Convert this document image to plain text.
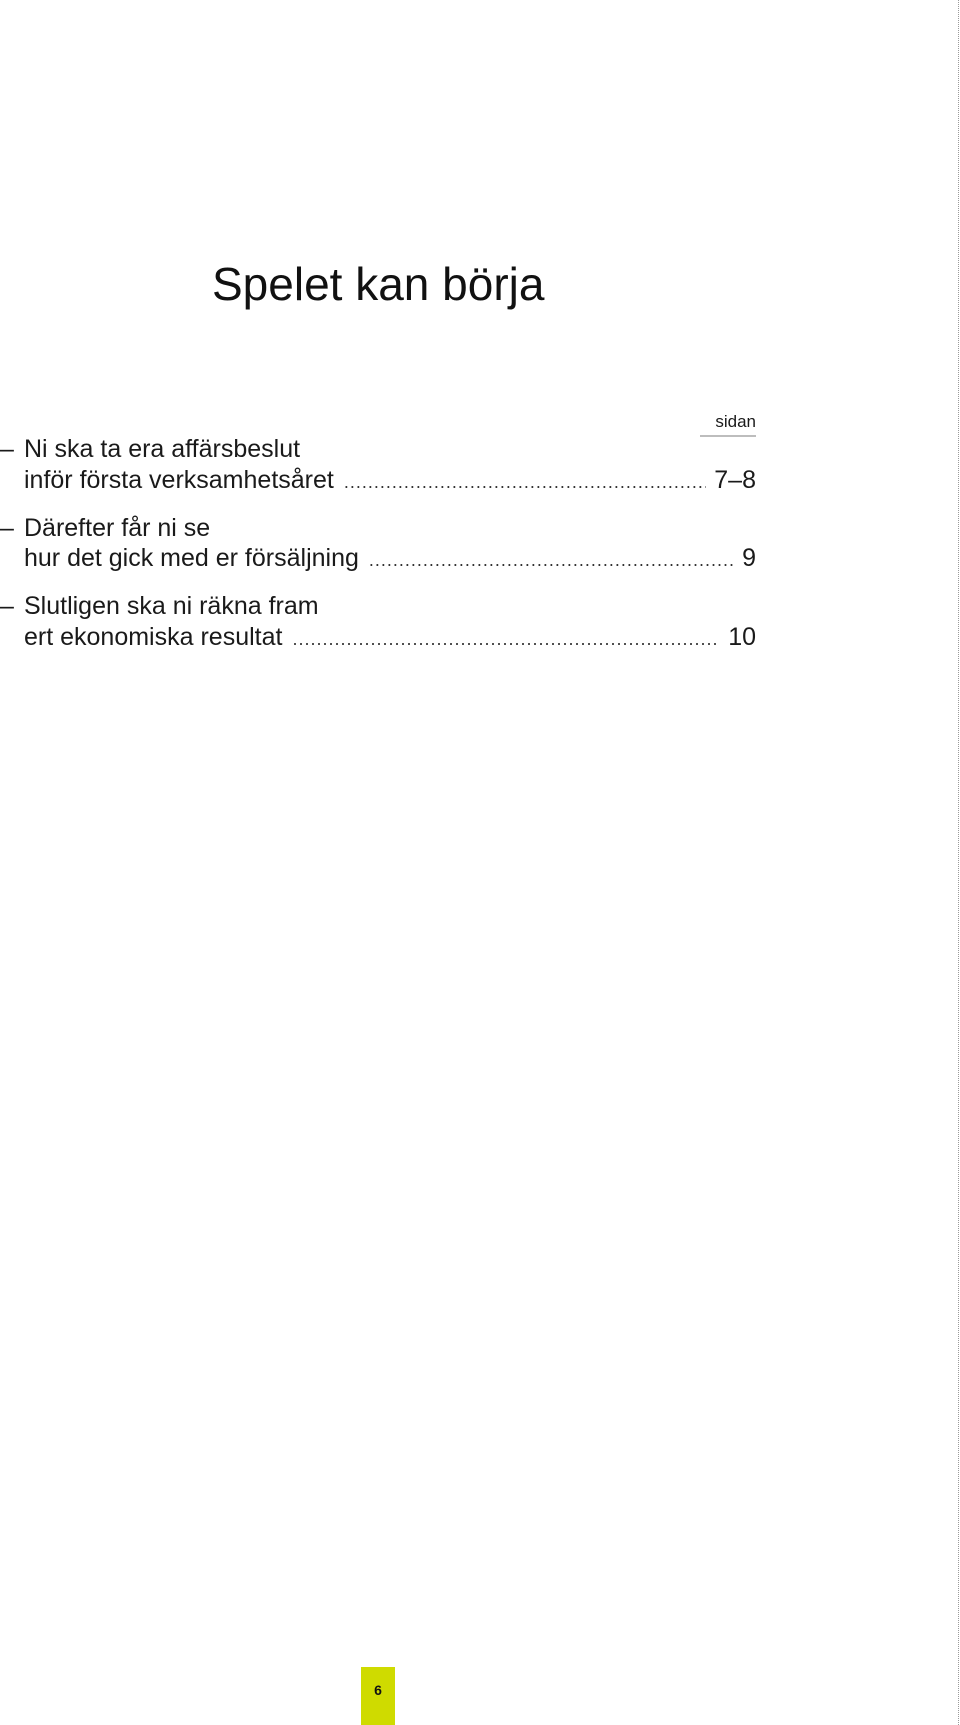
Spelet kan börja
sidan
– Ni ska ta era affärsbeslut
inför första verksamhetsåret .....	7–8
– Därefter får ni se
hur det gick med er försäljning .....	9
– Slutligen ska ni räkna fram
ert ekonomiska resultat .....	10
6
